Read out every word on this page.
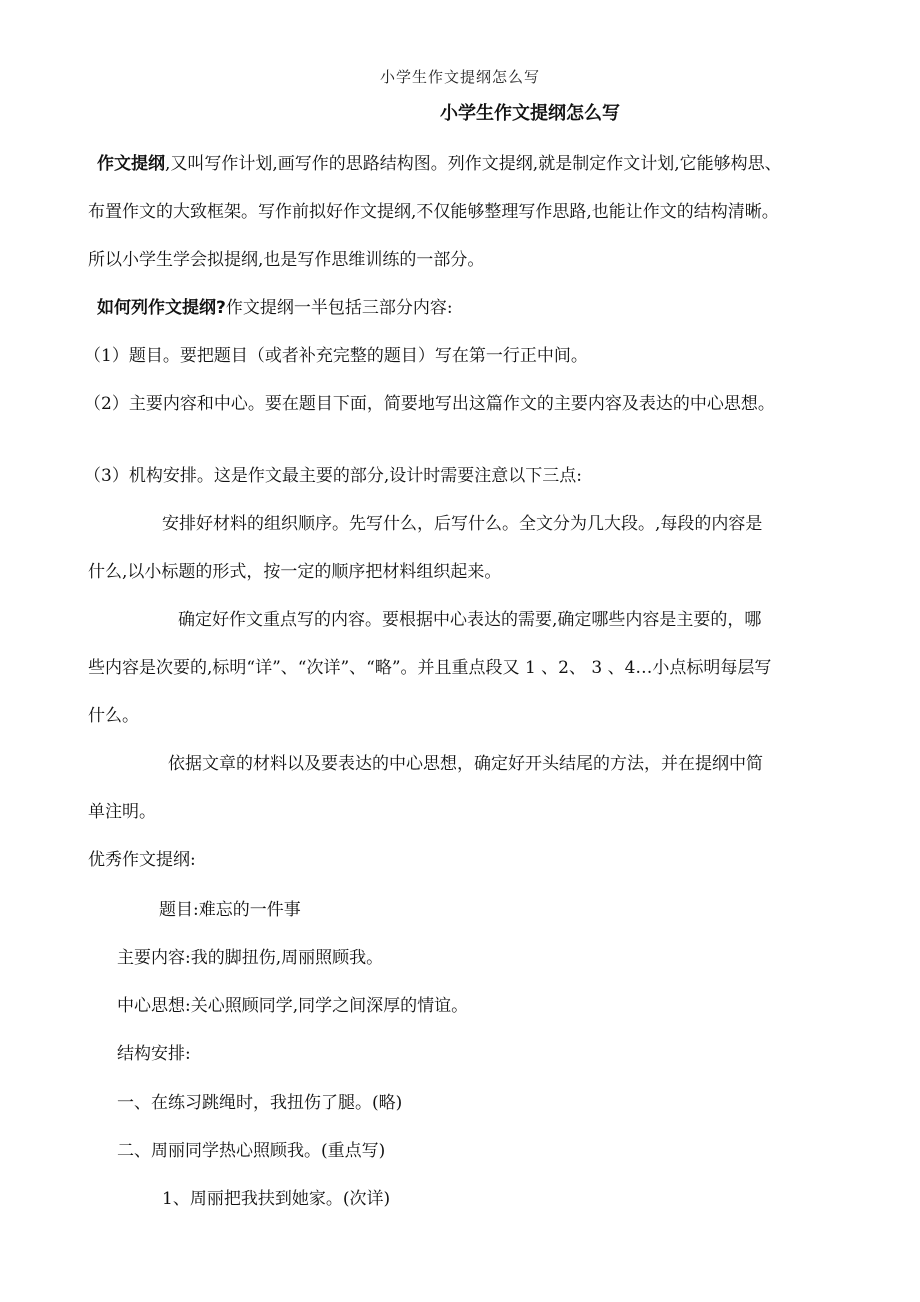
小学生作文提纲怎么写
小学生作文提纲怎么写
作文提纲,又叫写作计划,画写作的思路结构图。列作文提纲,就是制定作文计划,它能够构思、
布置作文的大致框架。写作前拟好作文提纲,不仅能够整理写作思路,也能让作文的结构清晰。
所以小学生学会拟提纲,也是写作思维训练的一部分。
如何列作文提纲?作文提纲一半包括三部分内容:
（1）题目。要把题目（或者补充完整的题目）写在第一行正中间。
（2）主要内容和中心。要在题目下面，简要地写出这篇作文的主要内容及表达的中心思想。
（3）机构安排。这是作文最主要的部分,设计时需要注意以下三点:
安排好材料的组织顺序。先写什么，后写什么。全文分为几大段。,每段的内容是
什么,以小标题的形式，按一定的顺序把材料组织起来。
确定好作文重点写的内容。要根据中心表达的需要,确定哪些内容是主要的，哪
些内容是次要的,标明“详”、“次详”、“略”。并且重点段又 1 、2、 3 、4…小点标明每层写
什么。
依据文章的材料以及要表达的中心思想，确定好开头结尾的方法，并在提纲中简
单注明。
优秀作文提纲:
题目:难忘的一件事
主要内容:我的脚扭伤,周丽照顾我。
中心思想:关心照顾同学,同学之间深厚的情谊。
结构安排:
一、在练习跳绳时，我扭伤了腿。(略)
二、周丽同学热心照顾我。(重点写)
1、周丽把我扶到她家。(次详)
